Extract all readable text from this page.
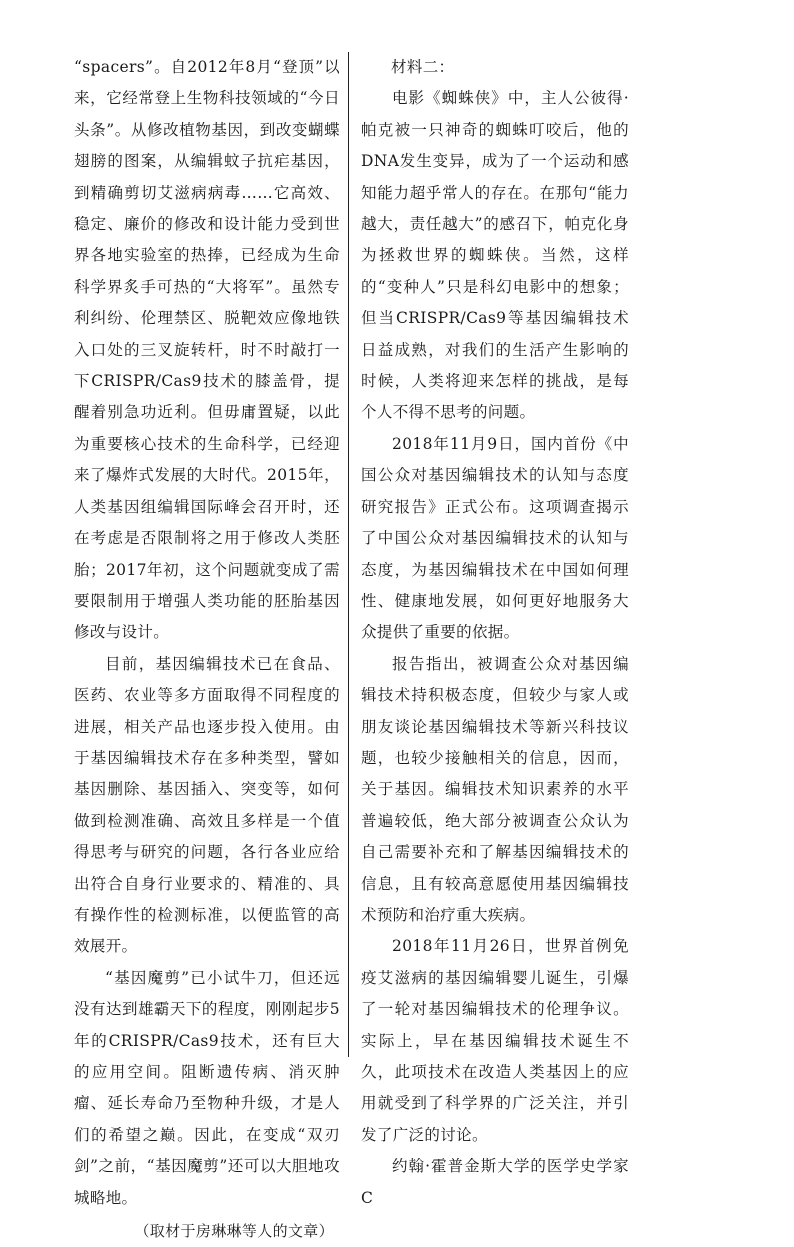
“spacers”。自2012年8月“登顶”以来，它经常登上生物科技领域的“今日头条”。从修改植物基因，到改变蝴蝶翅膀的图案，从编辑蚊子抗疟基因，到精确剪切艾滋病病毒……它高效、稳定、廉价的修改和设计能力受到世界各地实验室的热捧，已经成为生命科学界炙手可热的“大将军”。虽然专利纠纷、伦理禁区、脱靶效应像地铁入口处的三叉旋转杆，时不时敲打一下CRISPR/Cas9技术的膝盖骨，提醒着别急功近利。但毋庸置疑，以此为重要核心技术的生命科学，已经迎来了爆炸式发展的大时代。2015年，人类基因组编辑国际峰会召开时，还在考虑是否限制将之用于修改人类胚胎；2017年初，这个问题就变成了需要限制用于增强人类功能的胚胎基因修改与设计。

目前，基因编辑技术已在食品、医药、农业等多方面取得不同程度的进展，相关产品也逐步投入使用。由于基因编辑技术存在多种类型，譬如基因删除、基因插入、突变等，如何做到检测准确、高效且多样是一个值得思考与研究的问题，各行各业应给出符合自身行业要求的、精准的、具有操作性的检测标准，以便监管的高效展开。

“基因魔剪”已小试牛刀，但还远没有达到雄霸天下的程度，刚刚起步5年的CRISPR/Cas9技术，还有巨大的应用空间。阻断遗传病、消灭肿瘤、延长寿命乃至物种升级，才是人们的希望之巅。因此，在变成“双刃剑”之前，“基因魔剪”还可以大胆地攻城略地。

（取材于房琳琳等人的文章）

材料二：

电影《蜘蛛侠》中，主人公彼得·帕克被一只神奇的蜘蛛叮咬后，他的DNA发生变异，成为了一个运动和感知能力超乎常人的存在。在那句“能力越大，责任越大”的感召下，帕克化身为拯救世界的蜘蛛侠。当然，这样的“变种人”只是科幻电影中的想象；但当CRISPR/Cas9等基因编辑技术日益成熟，对我们的生活产生影响的时候，人类将迎来怎样的挑战，是每个人不得不思考的问题。

2018年11月9日，国内首份《中国公众对基因编辑技术的认知与态度研究报告》正式公布。这项调查揭示了中国公众对基因编辑技术的认知与态度，为基因编辑技术在中国如何理性、健康地发展，如何更好地服务大众提供了重要的依据。

报告指出，被调查公众对基因编辑技术持积极态度，但较少与家人或朋友谈论基因编辑技术等新兴科技议题，也较少接触相关的信息，因而，关于基因。编辑技术知识素养的水平普遍较低，绝大部分被调查公众认为自己需要补充和了解基因编辑技术的信息，且有较高意愿使用基因编辑技术预防和治疗重大疾病。

2018年11月26日，世界首例免疫艾滋病的基因编辑婴儿诞生，引爆了一轮对基因编辑技术的伦理争议。实际上，早在基因编辑技术诞生不久，此项技术在改造人类基因上的应用就受到了科学界的广泛关注，并引发了广泛的讨论。

约翰·霍普金斯大学的医学史学家C
